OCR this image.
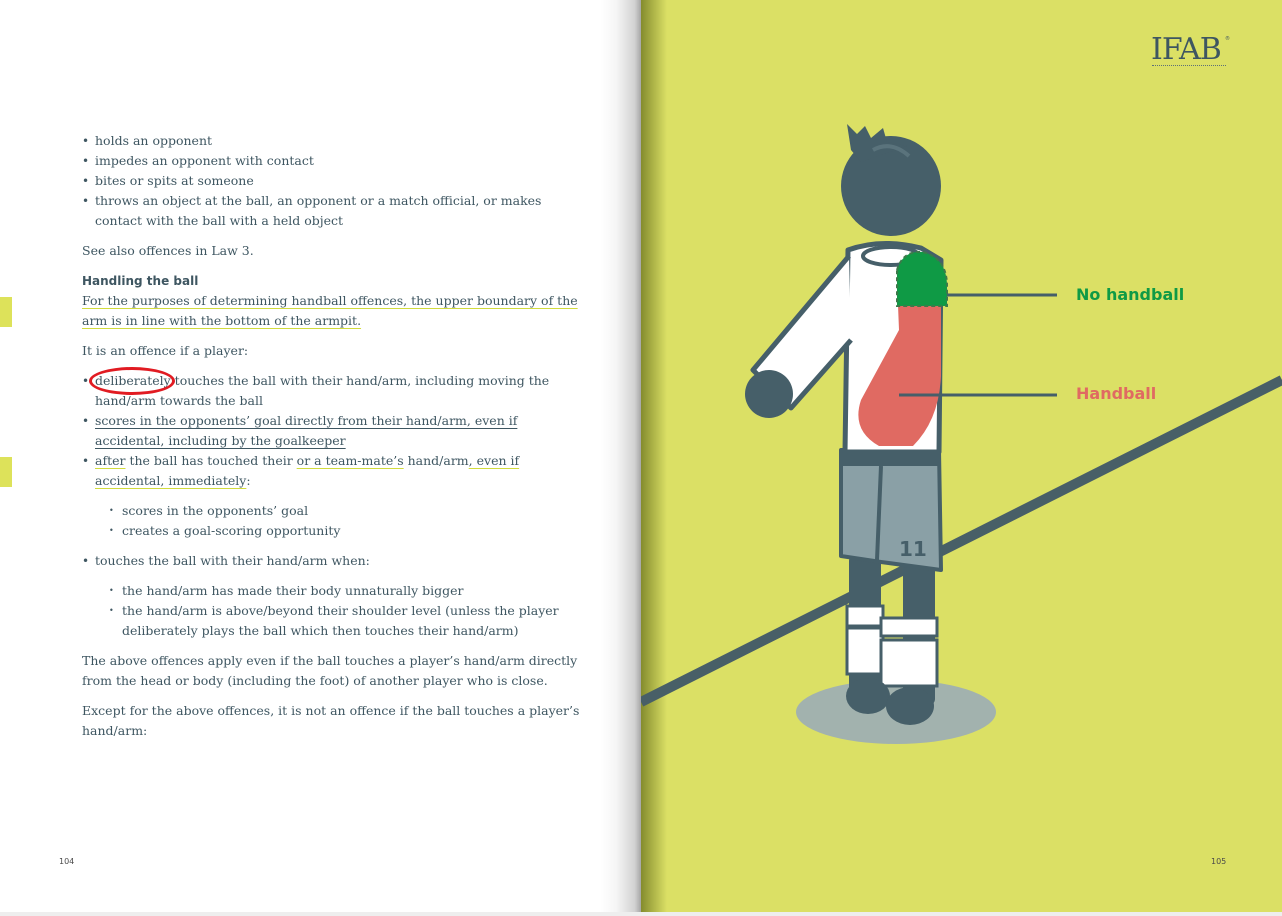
• holds an opponent
• impedes an opponent with contact
• bites or spits at someone
• throws an object at the ball, an opponent or a match official, or makes contact with the ball with a held object

See also offences in Law 3.

Handling the ball

For the purposes of determining handball offences, the upper boundary of the arm is in line with the bottom of the armpit.

It is an offence if a player:

•
deliberately touches the ball with their hand/arm, including moving the hand/arm towards the ball
• scores in the opponents’ goal directly from their hand/arm, even if accidental, including by the goalkeeper
• after the ball has touched their or a team-mate’s hand/arm, even if accidental, immediately:
• scores in the opponents’ goal
• creates a goal-scoring opportunity
• touches the ball with their hand/arm when:
• the hand/arm has made their body unnaturally bigger
• the hand/arm is above/beyond their shoulder level (unless the player deliberately plays the ball which then touches their hand/arm)

The above offences apply even if the ball touches a player’s hand/arm directly from the head or body (including the foot) of another player who is close.

Except for the above offences, it is not an offence if the ball touches a player’s hand/arm:

104
IFAB ®
11
No handball
Handball
105
